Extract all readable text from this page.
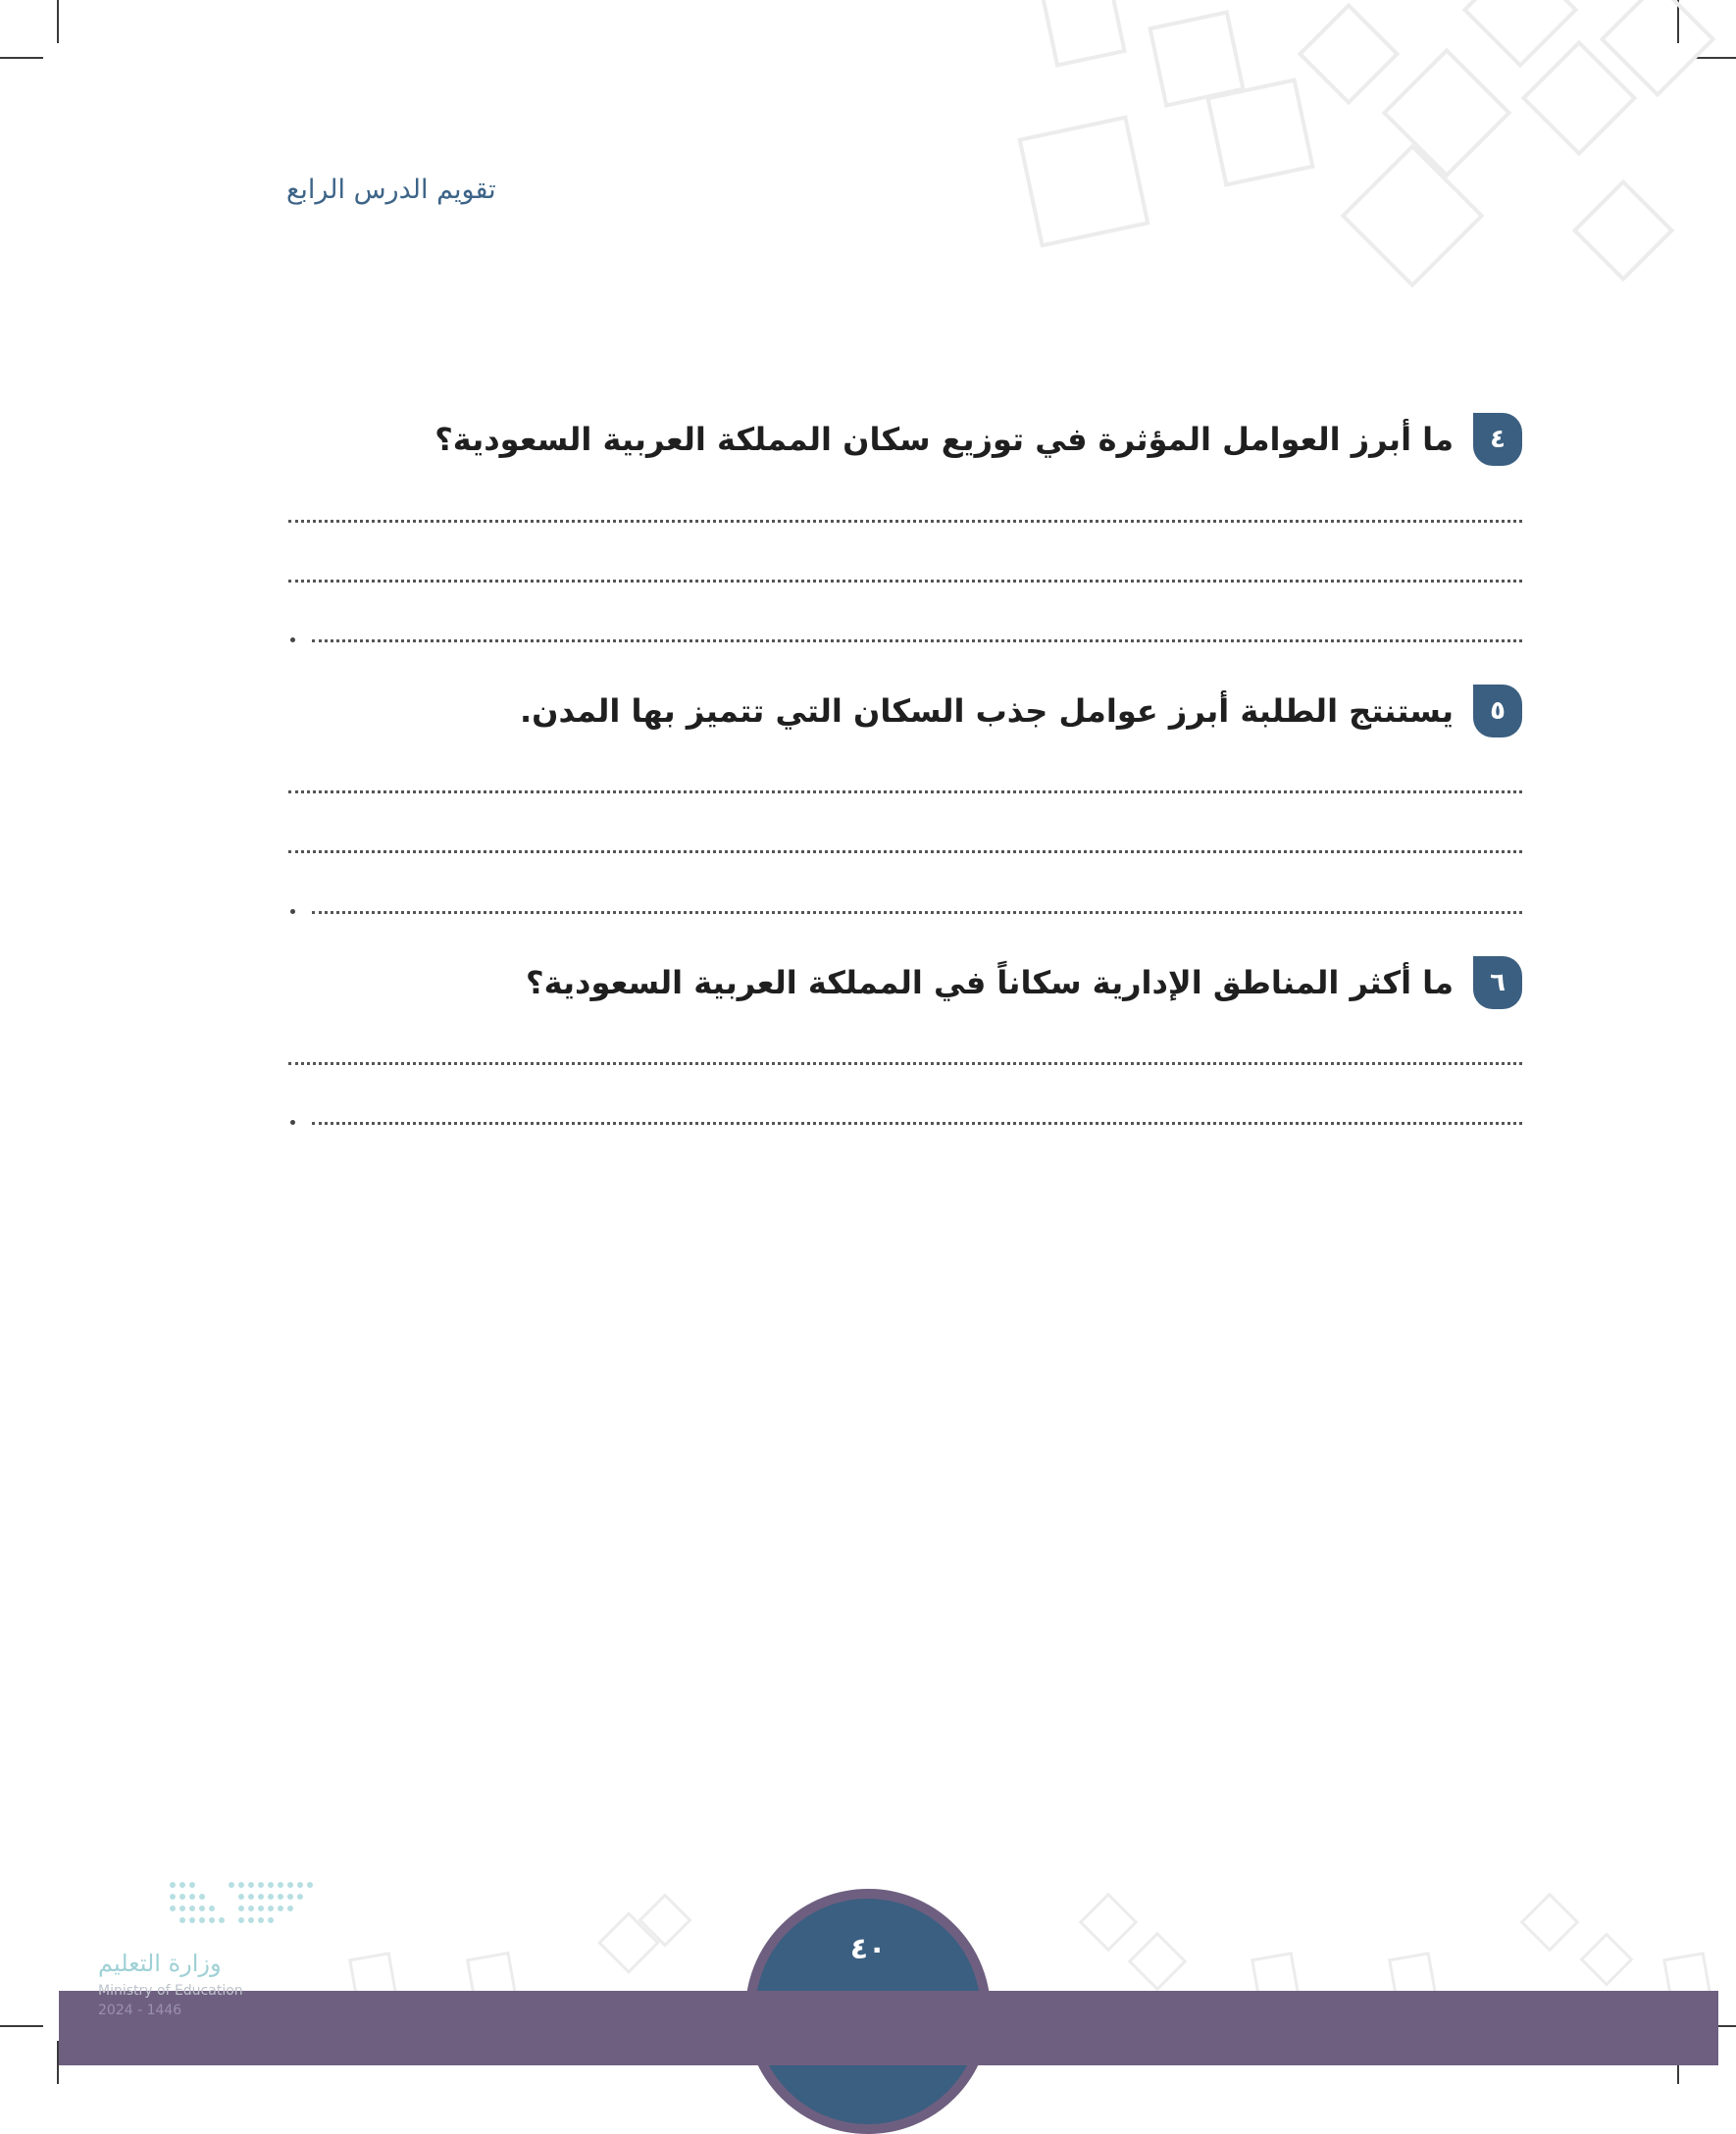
تقويم الدرس الرابع
٤
ما أبرز العوامل المؤثرة في توزيع سكان المملكة العربية السعودية؟
٥
يستنتج الطلبة أبرز عوامل جذب السكان التي تتميز بها المدن.
٦
ما أكثر المناطق الإدارية سكاناً في المملكة العربية السعودية؟
٤٠
وزارة التعليم
Ministry of Education
2024 - 1446
